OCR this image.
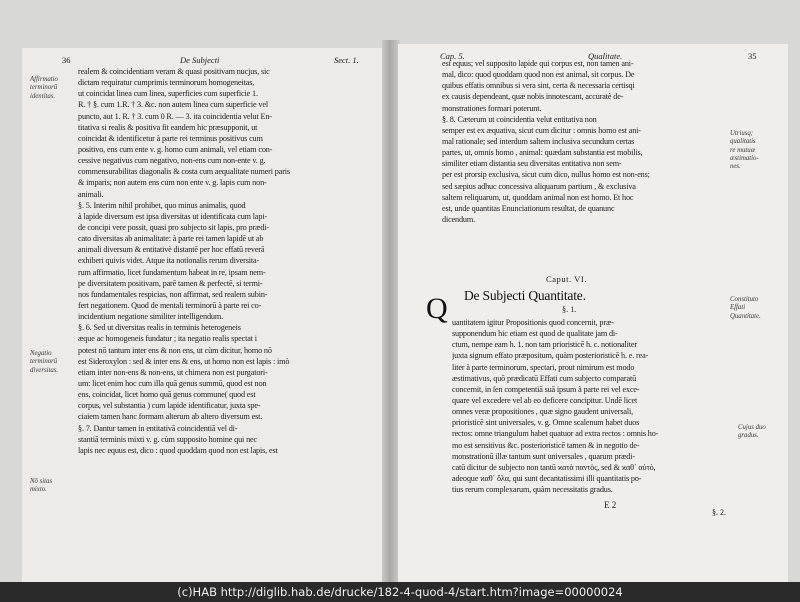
36	De Subjecti	Sect. 1.
Affirmatio
terminorū
identitas.
Negatio
terminorū
diversitas.
Nō sitas
mixto.
realem & coincidentiam veram & quasi positivam nucjus, sic
dictam requiratur cumprimis terminorum homogeneitas,
ut coincidat linea cum linea, superficies cum superficie 1.
R. † §. cum 1.R. † 3. &c. non autem linea cum superficie vel
puncto, aut 1. R. † 3. cum 0 R. — 3. ita coincidentia velut En-
titativa si realis & positiva fit eandem hic præsupponit, ut
coincidat & identificetur à parte rei terminus positivus cum
positivo, ens cum ente v. g. homo cum animali, vel etiam con-
cessive negativus cum negativo, non-ens cum non-ente v. g.
commensurabilitas diagonalis & costa cum aequalitate numeri paris
& imparis; non autem ens cum non ente v. g. lapis cum non-
animali.
§. 5. Interim nihil prohibet, quo minus animalis, quod
à lapide diversum est ipsa diversitas ut identificata cum lapi-
de concipi vere possit, quasi pro subjecto sit lapis, pro prædi-
cato diversitas ab animalitate: à parte rei tamen lapidē ut ab
animali diversum & entitativè distantē per hoc effatū reverā
exhiberi quivis videt. Atque ita notionalis rerum diversita-
rum affirmatio, licet fundamentum habeat in re, ipsam nem-
pe diversitatem positivam, parē tamen & perfectē, si termi-
nos fundamentales respicias, non affirmat, sed realem subin-
fert negationem. Quod de mentali terminorū à parte rei co-
incidentium negatione similiter intelligendum.
§. 6. Sed ut diversitas realis in terminis heterogeneis
æque ac homogeneis fundatur ; ita negatio realis spectat i
potest nō tantum inter ens & non ens, ut cùm dicitur, homo nō
est Sideroxylon : sed & inter ens & ens, ut homo non est lapis : imò
etiam inter non-ens & non-ens, ut chimera non est purgatori-
um: licet enim hoc cum illa quā genus summū, quod est non
ens, coincidat, licet homo quā genus commune( quod est
corpus, vel substantia ) cum lapide identificatur, juxta spe-
ciaiem tamen hanc formam alterum ab altero diversum est.
§. 7. Dantur tamen in entitativā coincidentiā vel di-
stantiā terminis mixti v. g. cùm supposito homine qui nec
lapis nec equus est, dico : quod quoddam quod non est lapis, est
Cap. 5.	Qualitate.	35
Utriusq;
qualitatis
re mutuæ
æstimatio-
nes.
Constituto
Effati
Quantitate.
Cujus duo
gradus.
est equus; vel supposito lapide qui corpus est, non tamen ani-
mal, dico: quod quoddam quod non est animal, sit corpus. De
quibus effatis omnibus si vera sint, certa & necessaria certisqi
ex causis dependeant, quæ nobis innotescant, accuratè de-
monstrationes formari poterunt.
§. 8. Cæterum ut coincidentia velut entitativa non
semper est ex æquativa, sicut cum dicitur : omnis homo est ani-
mal rationale; sed interdum saltem inclusiva secundum certas
partes, ut, omnis homo , animal: quædam substantia est mobilis,
similiter etiam distantia seu diversitas entitativa non sem-
per est prorsip exclusiva, sicut cum dico, nullus homo est non-ens;
sed sæpius adhuc concessiva aliquarum partium , & exclusiva
saltem reliquarum, ut, quoddam animal non est homo. Et hoc
est, unde quantitas Enunciationum resultat, de quanunc
dicendum.
Caput. VI.
De Subjecti Quantitate.
§. 1.
Q uantitatem igitur Propositionis quod concernit, præ-
supponendum hic etiam est quod de qualitate jam di-
ctum, nempe eam h. 1. non tam prioristicē h. c. notionaliter
juxta signum effato præpositum, quàm posterioristicē h. e. rea-
liter à parte terminorum, spectari, prout nimirum est modo
æstimativus, quō prædicatū Effati cum subjecto comparatū
concernit, in ſen competentiā suā ipsum à parte rei vel exce-
quare vel excedere vel ab eo deficere concipitur. Undē licet
omnes veræ propositiones , quæ signo gaudent universali,
prioristicē sint universales, v. g. Omne scalenum habet duos
rectos: omne triangulum habet quatuor ad extra rectos : omnis ho-
mo est sensitivus &c. posterioristicē tamen & in negotio de-
monstrationū illæ tantum sunt universales , quarum prædi-
catū dicitur de subjecto non tantū ϰατὰ παντὸς, sed & ϰαθ᾽ αὑτὸ,
adeoque ϰαθ᾽ ὅλα, qui sunt decantatissimi illi quantitatis po-
tius rerum complexarum, quàm necessitatis gradus.
E 2
§. 2.
(c)HAB http://diglib.hab.de/drucke/182-4-quod-4/start.htm?image=00000024
